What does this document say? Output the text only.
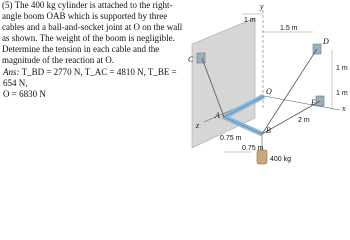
(5) The 400 kg cylinder is attached to the right-angle boom OAB which is supported by three cables and a ball-and-socket joint at O on the wall as shown. The weight of the boom is negligible. Determine the tension in each cable and the magnitude of the reaction at O.

Ans: T_BD = 2770 N, T_AC = 4810 N, T_BE = 654 N,
O = 6830 N
y
x
z
C
D
E
O
A
B
1 m
1.5 m
1 m
1 m
2 m
0.75 m
0.75 m
400 kg
